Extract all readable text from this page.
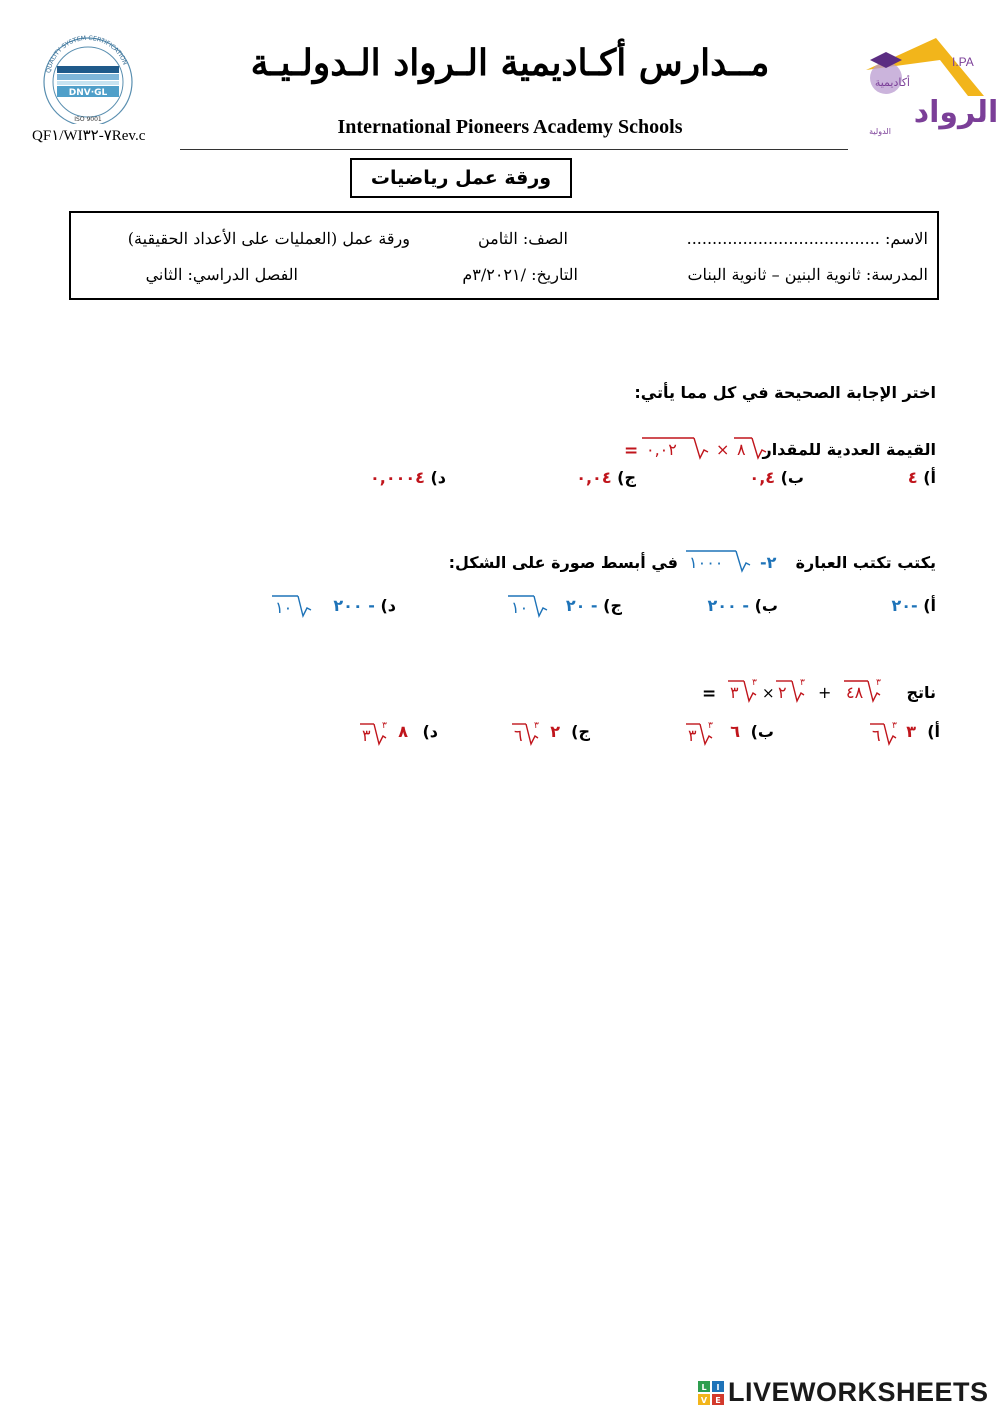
QUALITY SYSTEM CERTIFICATION
DNV·GL
ISO 9001
QF١/WI٧-٣٢Rev.c
مــدارس أكـاديمية الـرواد الـدولـيـة
International Pioneers Academy Schools
I.PA
أكاديمية
الرواد
الدولية
ورقة عمل رياضيات
الاسم: ......................................
الصف: الثامن
ورقة عمل (العمليات على الأعداد الحقيقية)
المدرسة: ثانوية البنين – ثانوية البنات
التاريخ: /٣/٢٠٢١م
الفصل الدراسي: الثاني
اختر الإجابة الصحيحة في كل مما يأتي:
القيمة العددية للمقدار
= ٠,٠٢ × ٨
أ) ٤
ب) ٠,٤
ج) ٠,٠٤
د) ٠,٠٠٠٤
يكتب تكتب العبارة
١٠٠٠ -٢
في أبسط صورة على الشكل:
أ) -٢٠
ب) - ٢٠٠
ج) - ٢٠
١٠
د) - ٢٠٠
١٠
ناتج
= ٣ ٣
× ٢ ٣ + ٤٨ ٣
أ)
٣
٦ ٣
ب)
٦
٣ ٣
ج)
٢
٦ ٣
د)
٨
٣ ٣
L I
V E LIVEWORKSHEETS
